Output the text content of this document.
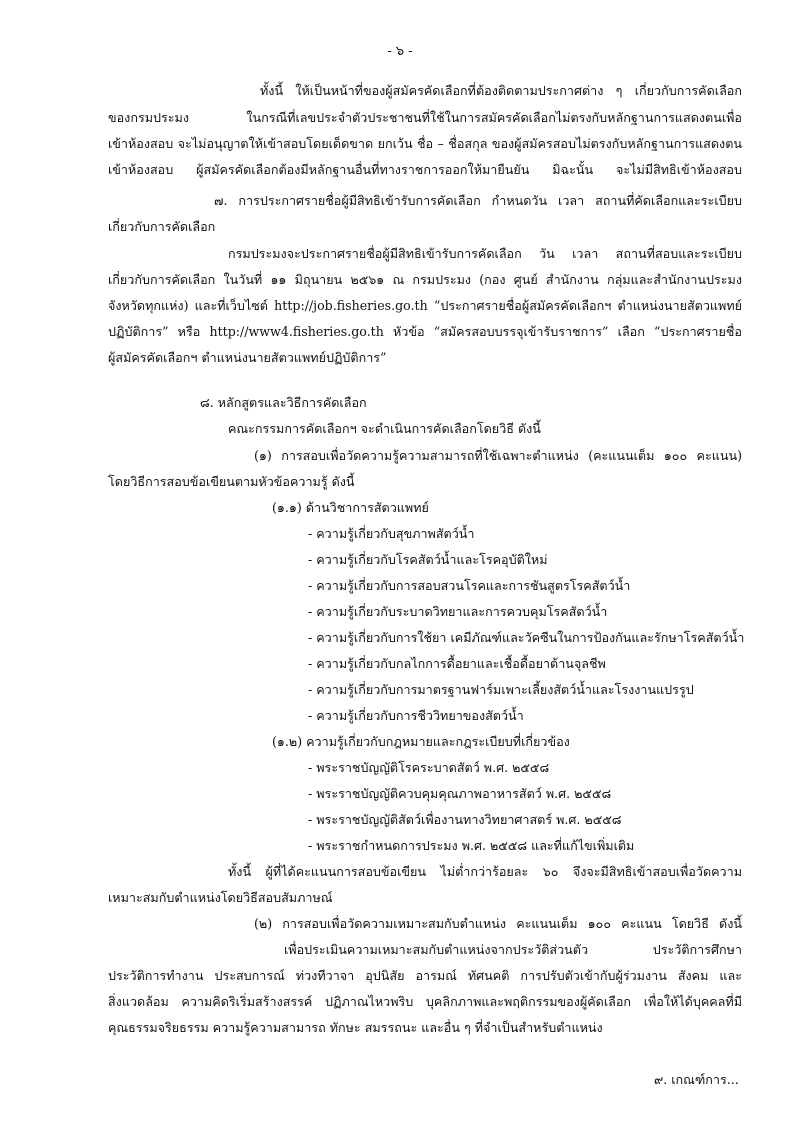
- ๖ -
ทั้งนี้ ให้เป็นหน้าที่ของผู้สมัครคัดเลือกที่ต้องติดตามประกาศต่าง ๆ เกี่ยวกับการคัดเลือก
ของกรมประมง ในกรณีที่เลขประจำตัวประชาชนที่ใช้ในการสมัครคัดเลือกไม่ตรงกับหลักฐานการแสดงตนเพื่อ
เข้าห้องสอบ จะไม่อนุญาตให้เข้าสอบโดยเด็ดขาด ยกเว้น ชื่อ – ชื่อสกุล ของผู้สมัครสอบไม่ตรงกับหลักฐานการแสดงตน
เข้าห้องสอบ ผู้สมัครคัดเลือกต้องมีหลักฐานอื่นที่ทางราชการออกให้มายืนยัน มิฉะนั้น จะไม่มีสิทธิเข้าห้องสอบ
๗. การประกาศรายชื่อผู้มีสิทธิเข้ารับการคัดเลือก กำหนดวัน เวลา สถานที่คัดเลือกและระเบียบ
เกี่ยวกับการคัดเลือก
กรมประมงจะประกาศรายชื่อผู้มีสิทธิเข้ารับการคัดเลือก วัน เวลา สถานที่สอบและระเบียบ
เกี่ยวกับการคัดเลือก ในวันที่ ๑๑ มิถุนายน ๒๕๖๑ ณ กรมประมง (กอง ศูนย์ สำนักงาน กลุ่มและสำนักงานประมง
จังหวัดทุกแห่ง) และที่เว็บไซต์ http://job.fisheries.go.th “ประกาศรายชื่อผู้สมัครคัดเลือกฯ ตำแหน่งนายสัตวแพทย์
ปฏิบัติการ” หรือ http://www4.fisheries.go.th หัวข้อ “สมัครสอบบรรจุเข้ารับราชการ” เลือก “ประกาศรายชื่อ
ผู้สมัครคัดเลือกฯ ตำแหน่งนายสัตวแพทย์ปฏิบัติการ”
๘. หลักสูตรและวิธีการคัดเลือก
คณะกรรมการคัดเลือกฯ จะดำเนินการคัดเลือกโดยวิธี ดังนี้
(๑) การสอบเพื่อวัดความรู้ความสามารถที่ใช้เฉพาะตำแหน่ง (คะแนนเต็ม ๑๐๐ คะแนน)
โดยวิธีการสอบข้อเขียนตามหัวข้อความรู้ ดังนี้
(๑.๑) ด้านวิชาการสัตวแพทย์
- ความรู้เกี่ยวกับสุขภาพสัตว์น้ำ
- ความรู้เกี่ยวกับโรคสัตว์น้ำและโรคอุบัติใหม่
- ความรู้เกี่ยวกับการสอบสวนโรคและการชันสูตรโรคสัตว์น้ำ
- ความรู้เกี่ยวกับระบาดวิทยาและการควบคุมโรคสัตว์น้ำ
- ความรู้เกี่ยวกับการใช้ยา เคมีภัณฑ์และวัคซีนในการป้องกันและรักษาโรคสัตว์น้ำ
- ความรู้เกี่ยวกับกลไกการดื้อยาและเชื้อดื้อยาต้านจุลชีพ
- ความรู้เกี่ยวกับการมาตรฐานฟาร์มเพาะเลี้ยงสัตว์น้ำและโรงงานแปรรูป
- ความรู้เกี่ยวกับการชีววิทยาของสัตว์น้ำ
(๑.๒) ความรู้เกี่ยวกับกฎหมายและกฎระเบียบที่เกี่ยวข้อง
- พระราชบัญญัติโรคระบาดสัตว์ พ.ศ. ๒๕๕๘
- พระราชบัญญัติควบคุมคุณภาพอาหารสัตว์ พ.ศ. ๒๕๕๘
- พระราชบัญญัติสัตว์เพื่องานทางวิทยาศาสตร์ พ.ศ. ๒๕๕๘
- พระราชกำหนดการประมง พ.ศ. ๒๕๕๘ และที่แก้ไขเพิ่มเติม
ทั้งนี้ ผู้ที่ได้คะแนนการสอบข้อเขียน ไม่ต่ำกว่าร้อยละ ๖๐ จึงจะมีสิทธิเข้าสอบเพื่อวัดความ
เหมาะสมกับตำแหน่งโดยวิธีสอบสัมภาษณ์
(๒) การสอบเพื่อวัดความเหมาะสมกับตำแหน่ง คะแนนเต็ม ๑๐๐ คะแนน โดยวิธี ดังนี้
เพื่อประเมินความเหมาะสมกับตำแหน่งจากประวัติส่วนตัว ประวัติการศึกษา
ประวัติการทำงาน ประสบการณ์ ท่วงทีวาจา อุปนิสัย อารมณ์ ทัศนคติ การปรับตัวเข้ากับผู้ร่วมงาน สังคม และ
สิ่งแวดล้อม ความคิดริเริ่มสร้างสรรค์ ปฏิภาณไหวพริบ บุคลิกภาพและพฤติกรรมของผู้คัดเลือก เพื่อให้ได้บุคคลที่มี
คุณธรรมจริยธรรม ความรู้ความสามารถ ทักษะ สมรรถนะ และอื่น ๆ ที่จำเป็นสำหรับตำแหน่ง
๙. เกณฑ์การ...
